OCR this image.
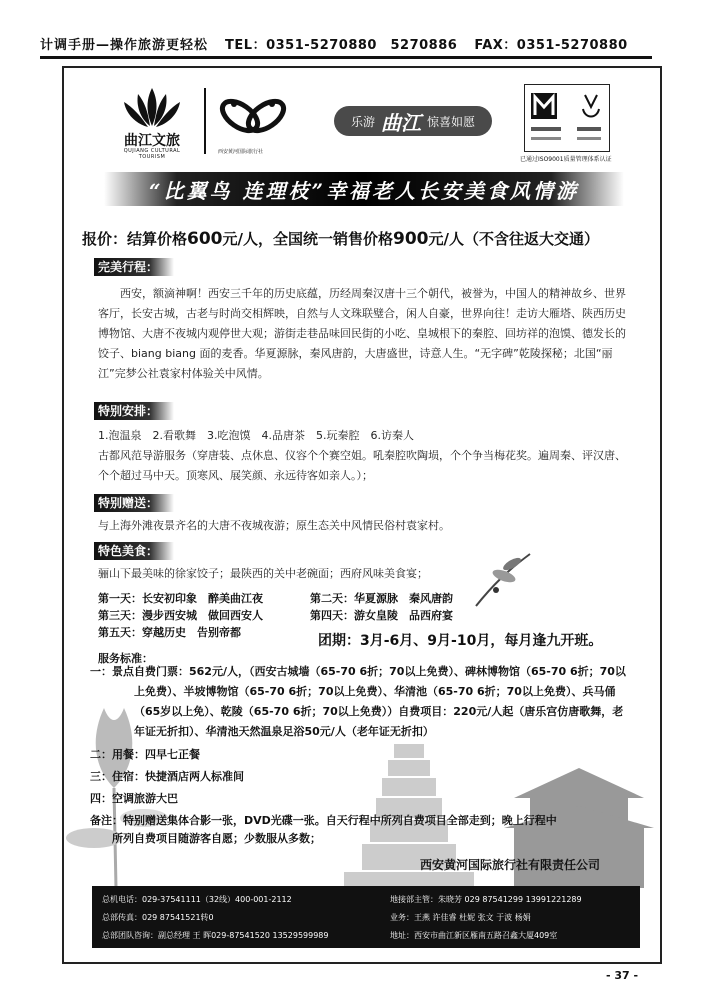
计调手册—操作旅游更轻松 TEL：0351-5270880　5270886 FAX：0351-5270880
曲江文旅
QUJIANG CULTURAL TOURISM
西安黄河国际旅行社
乐游 曲江 惊喜如愿
已通过ISO9001质量管理体系认证
“比翼鸟 连理枝”幸福老人长安美食风情游
报价：结算价格600元/人，全国统一销售价格900元/人（不含往返大交通）
完美行程：
西安，额滴神啊！西安三千年的历史底蕴，历经周秦汉唐十三个朝代，被誉为，中国人的精神故乡、世界客厅，长安古城，古老与时尚交相辉映，自然与人文珠联璧合，闲人自豪，世界向往！走访大雁塔、陕西历史博物馆、大唐不夜城内观停世大观；游街走巷品味回民街的小吃、皇城根下的秦腔、回坊祥的泡馍、德发长的饺子、biang biang 面的麦香。华夏源脉，秦风唐韵，大唐盛世，诗意人生。“无字碑”乾陵探秘；北国“丽江”完梦公社袁家村体验关中风情。
特别安排：
1.泡温泉　2.看歌舞　3.吃泡馍　4.品唐茶　5.玩秦腔　6.访秦人
古都风范导游服务（穿唐装、点休息、仪容个个赛空姐。吼秦腔吹陶埙，个个争当梅花奖。遍周秦、评汉唐、个个超过马中天。顶寒风、展笑颜、永远待客如亲人。）；
特别赠送：
与上海外滩夜景齐名的大唐不夜城夜游；原生态关中风情民俗村袁家村。
特色美食：
骊山下最美味的徐家饺子；最陕西的关中老碗面；西府风味美食宴；
第一天：长安初印象　醉美曲江夜	第二天：华夏源脉　秦风唐韵
第三天：漫步西安城　做回西安人	第四天：游女皇陵　品西府宴
第五天：穿越历史　告别帝都
团期：3月-6月、9月-10月，每月逢九开班。
服务标准：
一：景点：
自费门票：562元/人，（西安古城墙（65-70 6折；70以上免费）、碑林博物馆（65-70 6折；70以上免费）、半坡博物馆（65-70 6折；70以上免费）、华清池（65-70 6折；70以上免费）、兵马俑（65岁以上免）、乾陵（65-70 6折；70以上免费））自费项目：220元/人起（唐乐宫仿唐歌舞，老年证无折扣）、华清池天然温泉足浴50元/人（老年证无折扣）
二：用餐：四早七正餐
三：住宿：快捷酒店两人标准间
四：空调旅游大巴
备注：特别赠送集体合影一张，DVD光碟一张。自天行程中所列自费项目全部走到；晚上行程中
所列自费项目随游客自愿；少数服从多数；
西安黄河国际旅行社有限责任公司
总机电话：029-37541111（32线）400-001-2112
总部传真：029 87541521转0
总部团队咨询：副总经理 王 晖029-87541520 13529599989
地接部主管：朱晓芳 029 87541299 13991221289
业务：王燕 许佳睿 杜妮 张文 于波 杨娟
地址：西安市曲江新区雁南五路召鑫大厦409室
- 37 -
